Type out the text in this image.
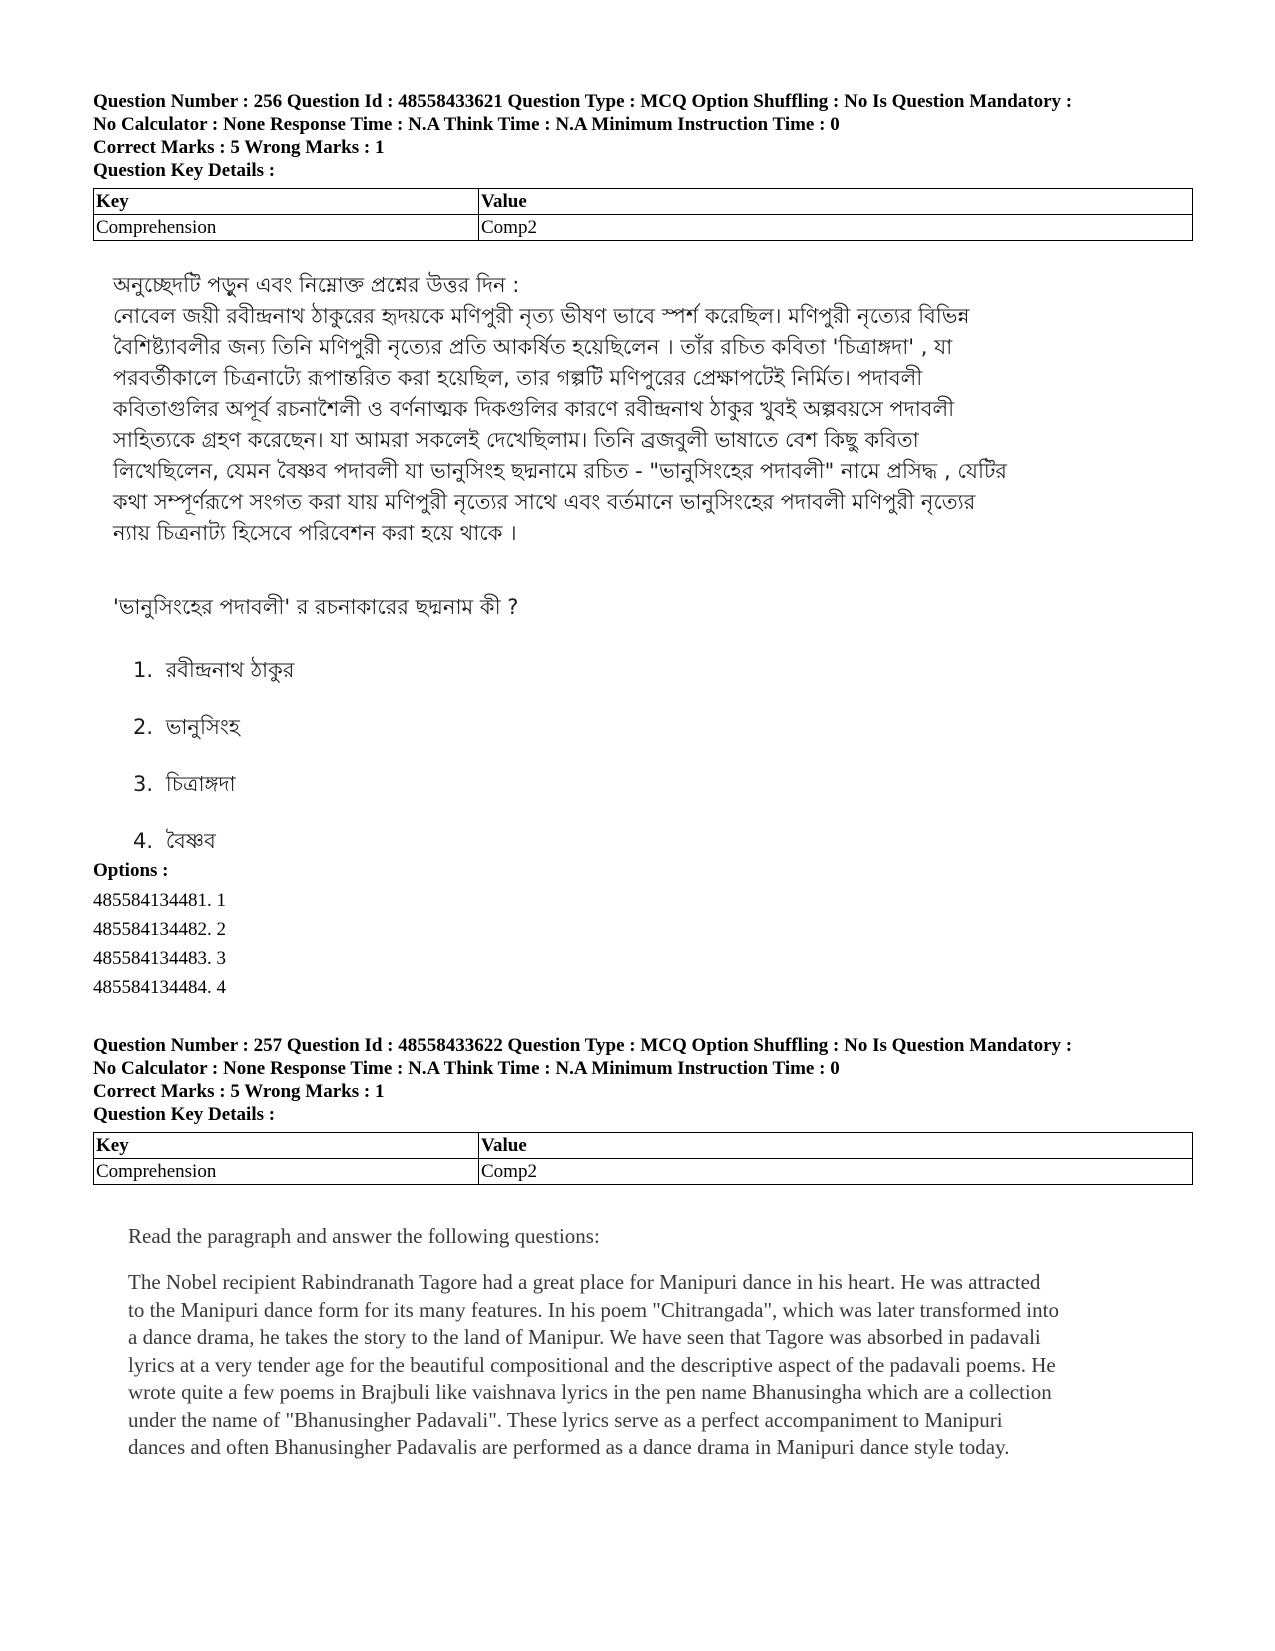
Question Number : 256 Question Id : 48558433621 Question Type : MCQ Option Shuffling : No Is Question Mandatory :

No Calculator : None Response Time : N.A Think Time : N.A Minimum Instruction Time : 0

Correct Marks : 5 Wrong Marks : 1

Question Key Details :

Key	Value
Comprehension	Comp2

অনুচ্ছেদটি পড়ুন এবং নিম্নোক্ত প্রশ্নের উত্তর দিন :

নোবেল জয়ী রবীন্দ্রনাথ ঠাকুরের হৃদয়কে মণিপুরী নৃত্য ভীষণ ভাবে স্পর্শ করেছিল। মণিপুরী নৃত্যের বিভিন্ন

বৈশিষ্ট্যাবলীর জন্য তিনি মণিপুরী নৃত্যের প্রতি আকর্ষিত হয়েছিলেন । তাঁর রচিত কবিতা 'চিত্রাঙ্গদা' , যা

পরবর্তীকালে চিত্রনাট্যে রূপান্তরিত করা হয়েছিল, তার গল্পটি মণিপুরের প্রেক্ষাপটেই নির্মিত। পদাবলী

কবিতাগুলির অপূর্ব রচনাশৈলী ও বর্ণনাত্মক দিকগুলির কারণে রবীন্দ্রনাথ ঠাকুর খুবই অল্পবয়সে পদাবলী

সাহিত্যকে গ্রহণ করেছেন। যা আমরা সকলেই দেখেছিলাম। তিনি ব্রজবুলী ভাষাতে বেশ কিছু কবিতা

লিখেছিলেন, যেমন বৈষ্ণব পদাবলী যা ভানুসিংহ ছদ্মনামে রচিত - "ভানুসিংহের পদাবলী" নামে প্রসিদ্ধ , যেটির

কথা সম্পূর্ণরূপে সংগত করা যায় মণিপুরী নৃত্যের সাথে এবং বর্তমানে ভানুসিংহের পদাবলী মণিপুরী নৃত্যের

ন্যায় চিত্রনাট্য হিসেবে পরিবেশন করা হয়ে থাকে ।

'ভানুসিংহের পদাবলী' র রচনাকারের ছদ্মনাম কী ?

1. রবীন্দ্রনাথ ঠাকুর
2. ভানুসিংহ
3. চিত্রাঙ্গদা
4. বৈষ্ণব

Options :

485584134481. 1
485584134482. 2
485584134483. 3
485584134484. 4

Question Number : 257 Question Id : 48558433622 Question Type : MCQ Option Shuffling : No Is Question Mandatory :

No Calculator : None Response Time : N.A Think Time : N.A Minimum Instruction Time : 0

Correct Marks : 5 Wrong Marks : 1

Question Key Details :

Key	Value
Comprehension	Comp2

Read the paragraph and answer the following questions:

The Nobel recipient Rabindranath Tagore had a great place for Manipuri dance in his heart. He was attracted
to the Manipuri dance form for its many features. In his poem "Chitrangada", which was later transformed into
a dance drama, he takes the story to the land of Manipur. We have seen that Tagore was absorbed in padavali
lyrics at a very tender age for the beautiful compositional and the descriptive aspect of the padavali poems. He
wrote quite a few poems in Brajbuli like vaishnava lyrics in the pen name Bhanusingha which are a collection
under the name of "Bhanusingher Padavali". These lyrics serve as a perfect accompaniment to Manipuri
dances and often Bhanusingher Padavalis are performed as a dance drama in Manipuri dance style today.
